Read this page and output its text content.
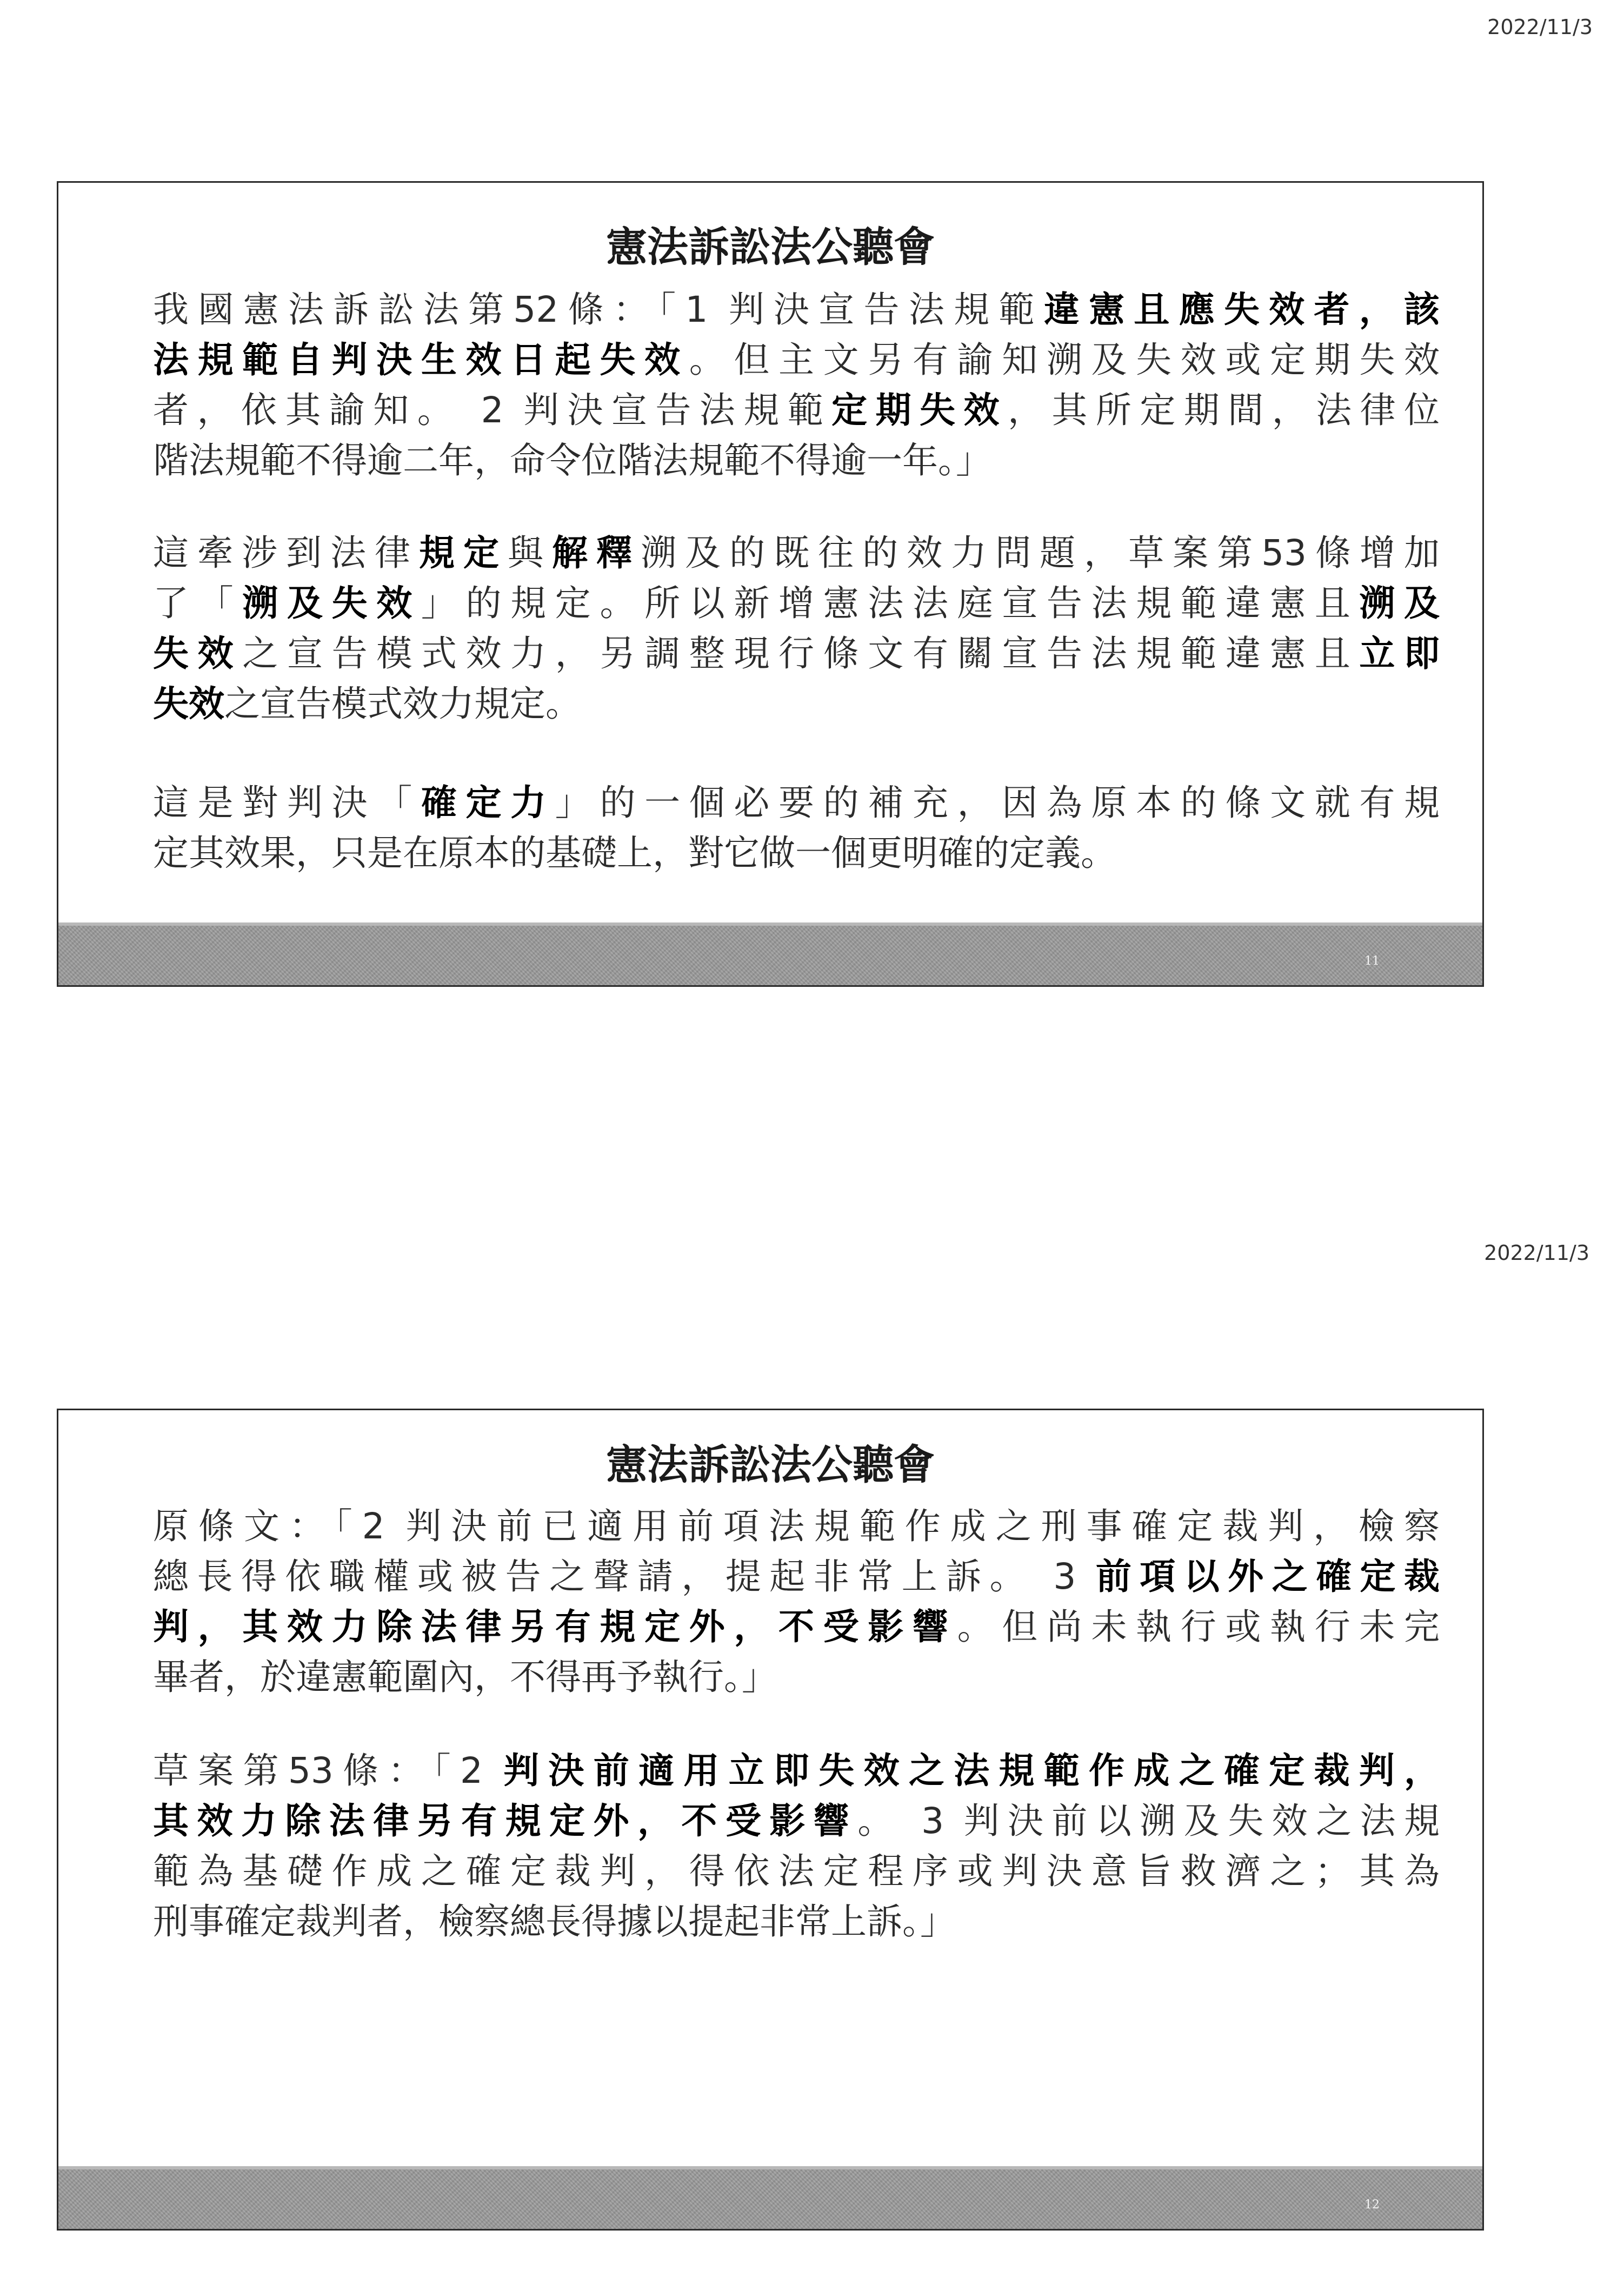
2022/11/3
憲法訴訟法公聽會
我國憲法訴訟法第52條：「1 判決宣告法規範違憲且應失效者，該
法規範自判決生效日起失效。但主文另有諭知溯及失效或定期失效
者，依其諭知。 2 判決宣告法規範定期失效，其所定期間，法律位
階法規範不得逾二年，命令位階法規範不得逾一年。」
這牽涉到法律規定與解釋溯及的既往的效力問題，草案第53條增加
了「溯及失效」的規定。所以新增憲法法庭宣告法規範違憲且溯及
失效之宣告模式效力，另調整現行條文有關宣告法規範違憲且立即
失效之宣告模式效力規定。
這是對判決「確定力」的一個必要的補充，因為原本的條文就有規
定其效果，只是在原本的基礎上，對它做一個更明確的定義。
11
2022/11/3
憲法訴訟法公聽會
原條文：「2 判決前已適用前項法規範作成之刑事確定裁判，檢察
總長得依職權或被告之聲請，提起非常上訴。 3 前項以外之確定裁
判，其效力除法律另有規定外，不受影響。但尚未執行或執行未完
畢者，於違憲範圍內，不得再予執行。」
草案第53條：「2 判決前適用立即失效之法規範作成之確定裁判，
其效力除法律另有規定外，不受影響。 3 判決前以溯及失效之法規
範為基礎作成之確定裁判，得依法定程序或判決意旨救濟之；其為
刑事確定裁判者，檢察總長得據以提起非常上訴。」
12
